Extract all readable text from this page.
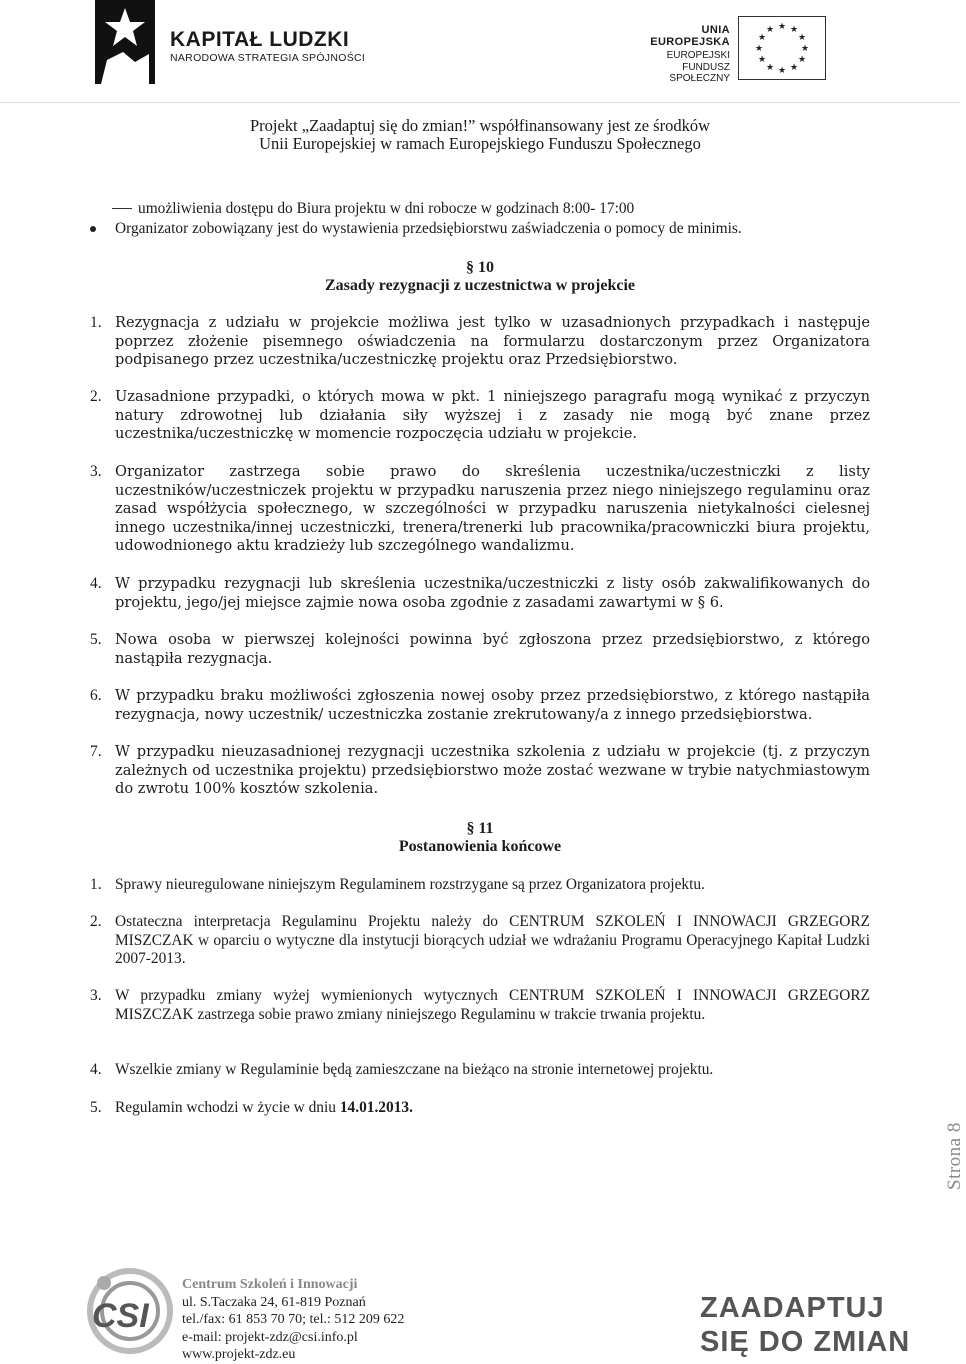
KAPITAŁ LUDZKI
NARODOWA STRATEGIA SPÓJNOŚCI
UNIA EUROPEJSKA
EUROPEJSKI
FUNDUSZ SPOŁECZNY
★ ★
★
★
★
★
★
★
★
★
★
★
Projekt „Zaadaptuj się do zmian!” współfinansowany jest ze środków
Unii Europejskiej w ramach Europejskiego Funduszu Społecznego
umożliwienia dostępu do Biura projektu w dni robocze w godzinach 8:00- 17:00
Organizator zobowiązany jest do wystawienia przedsiębiorstwu zaświadczenia o pomocy de minimis.
§ 10
Zasady rezygnacji z uczestnictwa w projekcie
1. Rezygnacja z udziału w projekcie możliwa jest tylko w uzasadnionych przypadkach i następuje poprzez złożenie pisemnego oświadczenia na formularzu dostarczonym przez Organizatora podpisanego przez uczestnika/uczestniczkę projektu oraz Przedsiębiorstwo.
2. Uzasadnione przypadki, o których mowa w pkt. 1 niniejszego paragrafu mogą wynikać z przyczyn natury zdrowotnej lub działania siły wyższej i z zasady nie mogą być znane przez uczestnika/uczestniczkę w momencie rozpoczęcia udziału w projekcie.
3. Organizator zastrzega sobie prawo do skreślenia uczestnika/uczestniczki z listy uczestników/uczestniczek projektu w przypadku naruszenia przez niego niniejszego regulaminu oraz zasad współżycia społecznego, w szczególności w przypadku naruszenia nietykalności cielesnej innego uczestnika/innej uczestniczki, trenera/trenerki lub pracownika/pracowniczki biura projektu, udowodnionego aktu kradzieży lub szczególnego wandalizmu.
4. W przypadku rezygnacji lub skreślenia uczestnika/uczestniczki z listy osób zakwalifikowanych do projektu, jego/jej miejsce zajmie nowa osoba zgodnie z zasadami zawartymi w § 6.
5. Nowa osoba w pierwszej kolejności powinna być zgłoszona przez przedsiębiorstwo, z którego nastąpiła rezygnacja.
6. W przypadku braku możliwości zgłoszenia nowej osoby przez przedsiębiorstwo, z którego nastąpiła rezygnacja, nowy uczestnik/ uczestniczka zostanie zrekrutowany/a z innego przedsiębiorstwa.
7. W przypadku nieuzasadnionej rezygnacji uczestnika szkolenia z udziału w projekcie (tj. z przyczyn zależnych od uczestnika projektu) przedsiębiorstwo może zostać wezwane w trybie natychmiastowym do zwrotu 100% kosztów szkolenia.
§ 11
Postanowienia końcowe
1. Sprawy nieuregulowane niniejszym Regulaminem rozstrzygane są przez Organizatora projektu.
2. Ostateczna interpretacja Regulaminu Projektu należy do CENTRUM SZKOLEŃ I INNOWACJI GRZEGORZ MISZCZAK w oparciu o wytyczne dla instytucji biorących udział we wdrażaniu Programu Operacyjnego Kapitał Ludzki 2007-2013.
3. W przypadku zmiany wyżej wymienionych wytycznych CENTRUM SZKOLEŃ I INNOWACJI GRZEGORZ MISZCZAK zastrzega sobie prawo zmiany niniejszego Regulaminu w trakcie trwania projektu.
4. Wszelkie zmiany w Regulaminie będą zamieszczane na bieżąco na stronie internetowej projektu.
5. Regulamin wchodzi w życie w dniu 14.01.2013.
Strona 8
CSI
Centrum Szkoleń i Innowacji
ul. S.Taczaka 24, 61-819 Poznań
tel./fax: 61 853 70 70; tel.: 512 209 622
e-mail: projekt-zdz@csi.info.pl
www.projekt-zdz.eu
ZAADAPTUJ
SIĘ DO ZMIAN
